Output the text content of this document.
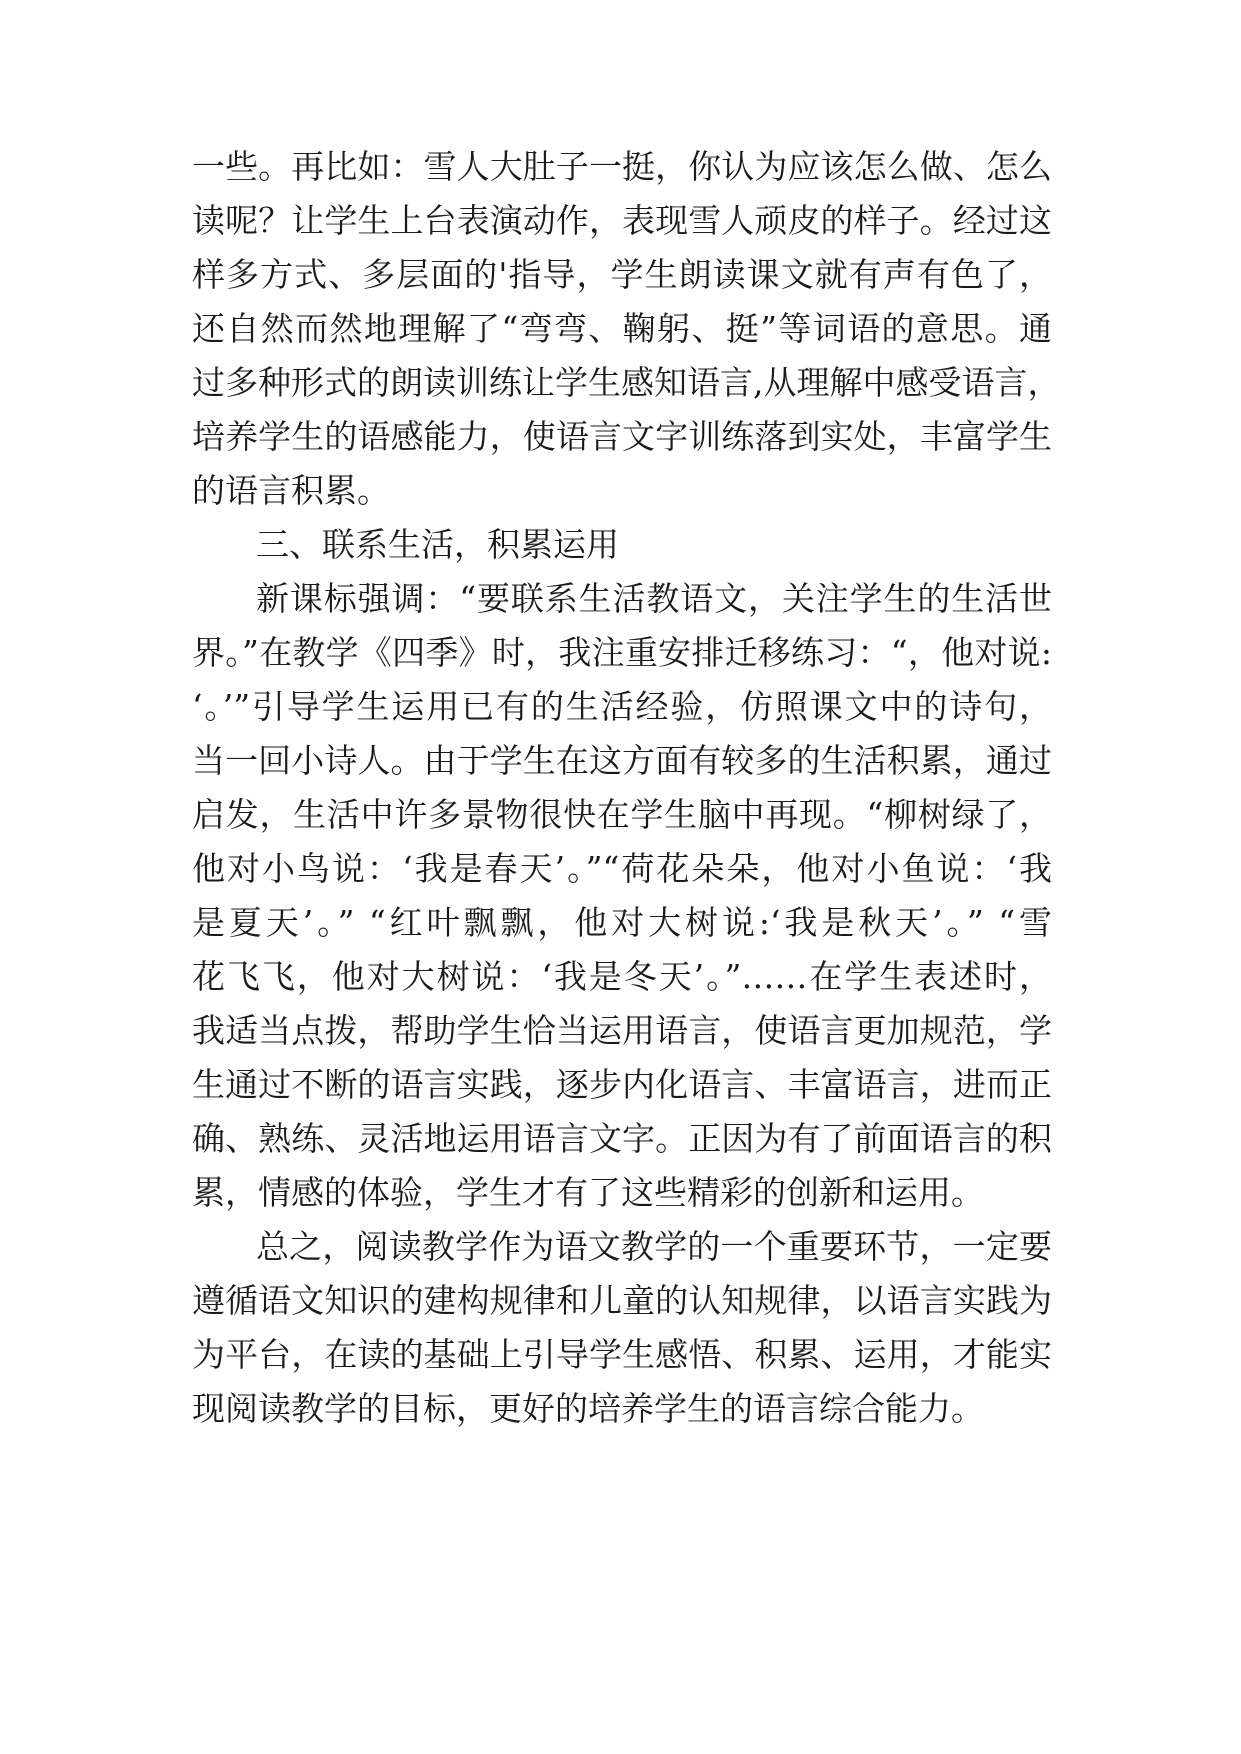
一些。再比如：雪人大肚子一挺，你认为应该怎么做、怎么
读呢？让学生上台表演动作，表现雪人顽皮的样子。经过这
样多方式、多层面的'指导，学生朗读课文就有声有色了，
还自然而然地理解了“弯弯、鞠躬、挺”等词语的意思。通
过多种形式的朗读训练让学生感知语言,从理解中感受语言，
培养学生的语感能力，使语言文字训练落到实处，丰富学生
的语言积累。
三、联系生活，积累运用
新课标强调：“要联系生活教语文，关注学生的生活世
界。”在教学《四季》时，我注重安排迁移练习：“，他对说:
‘。’”引导学生运用已有的生活经验，仿照课文中的诗句，
当一回小诗人。由于学生在这方面有较多的生活积累，通过
启发，生活中许多景物很快在学生脑中再现。“柳树绿了，
他对小鸟说：‘我是春天’。”“荷花朵朵，他对小鱼说：‘我
是夏天’。” “红叶飘飘，他对大树说:‘我是秋天’。” “雪
花飞飞，他对大树说：‘我是冬天’。”……在学生表述时，
我适当点拨，帮助学生恰当运用语言，使语言更加规范，学
生通过不断的语言实践，逐步内化语言、丰富语言，进而正
确、熟练、灵活地运用语言文字。正因为有了前面语言的积
累，情感的体验，学生才有了这些精彩的创新和运用。
总之，阅读教学作为语文教学的一个重要环节，一定要
遵循语文知识的建构规律和儿童的认知规律，以语言实践为
为平台，在读的基础上引导学生感悟、积累、运用，才能实
现阅读教学的目标，更好的培养学生的语言综合能力。
